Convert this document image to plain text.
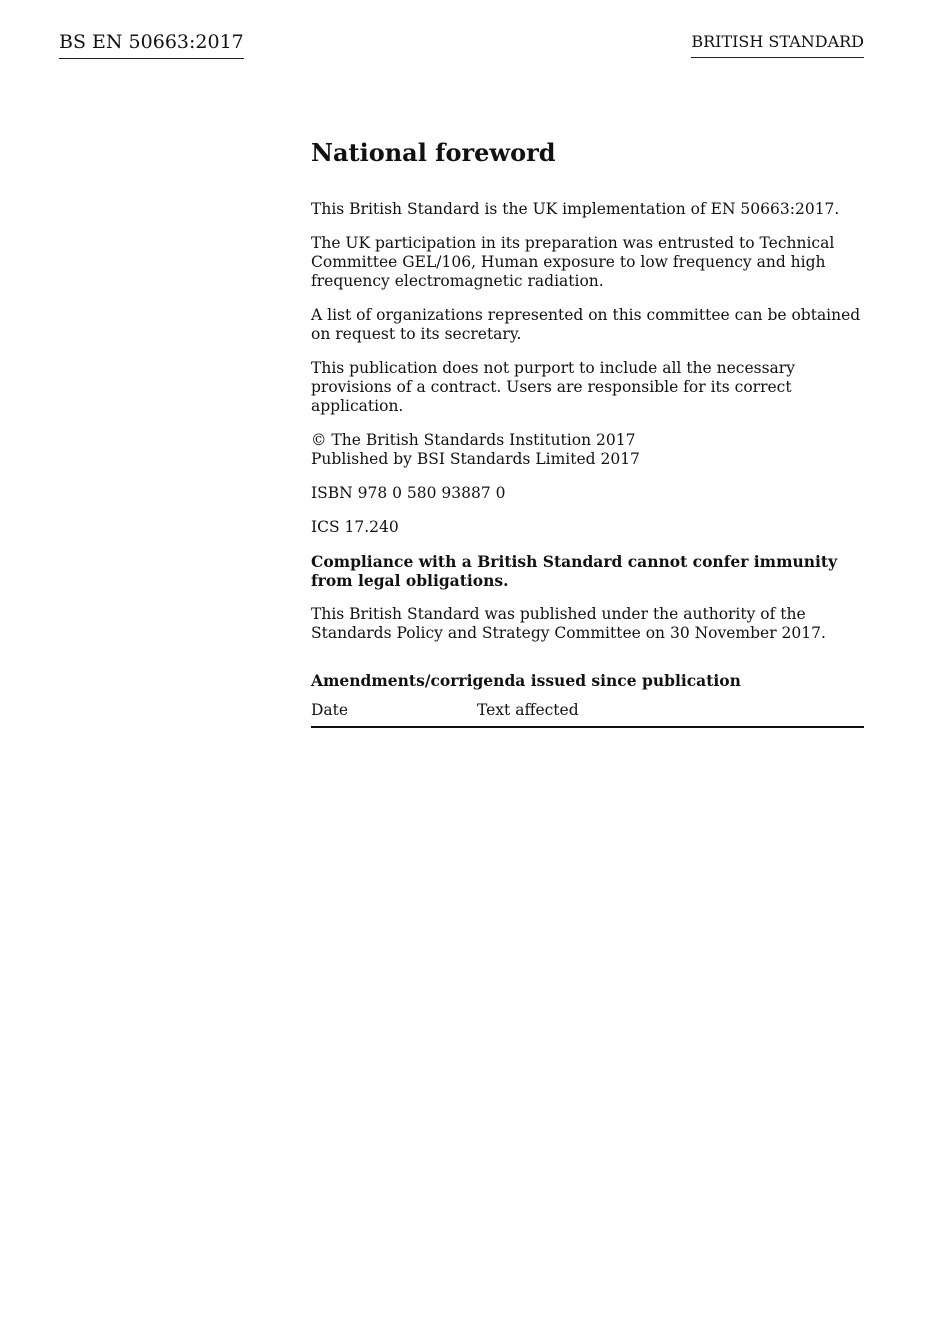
BS EN 50663:2017	BRITISH STANDARD
National foreword

This British Standard is the UK implementation of EN 50663:2017.

The UK participation in its preparation was entrusted to Technical Committee GEL/106, Human exposure to low frequency and high frequency electromagnetic radiation.

A list of organizations represented on this committee can be obtained on request to its secretary.

This publication does not purport to include all the necessary provisions of a contract. Users are responsible for its correct application.

© The British Standards Institution 2017
Published by BSI Standards Limited 2017

ISBN 978 0 580 93887 0

ICS 17.240

Compliance with a British Standard cannot confer immunity from legal obligations.

This British Standard was published under the authority of the Standards Policy and Strategy Committee on 30 November 2017.

Amendments/corrigenda issued since publication
Date	Text affected
